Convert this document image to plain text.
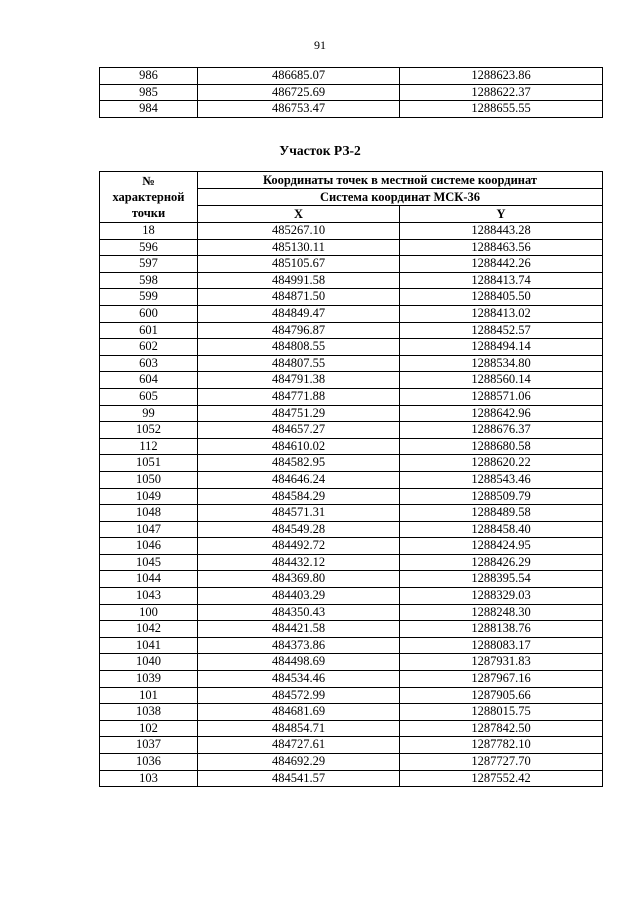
91
986	486685.07	1288623.86
985	486725.69	1288622.37
984	486753.47	1288655.55
Участок РЗ-2
№
характерной
точки	Координаты точек в местной системе координат	
	Система координат МСК-36	
	X	Y
18	485267.10	1288443.28
596	485130.11	1288463.56
597	485105.67	1288442.26
598	484991.58	1288413.74
599	484871.50	1288405.50
600	484849.47	1288413.02
601	484796.87	1288452.57
602	484808.55	1288494.14
603	484807.55	1288534.80
604	484791.38	1288560.14
605	484771.88	1288571.06
99	484751.29	1288642.96
1052	484657.27	1288676.37
112	484610.02	1288680.58
1051	484582.95	1288620.22
1050	484646.24	1288543.46
1049	484584.29	1288509.79
1048	484571.31	1288489.58
1047	484549.28	1288458.40
1046	484492.72	1288424.95
1045	484432.12	1288426.29
1044	484369.80	1288395.54
1043	484403.29	1288329.03
100	484350.43	1288248.30
1042	484421.58	1288138.76
1041	484373.86	1288083.17
1040	484498.69	1287931.83
1039	484534.46	1287967.16
101	484572.99	1287905.66
1038	484681.69	1288015.75
102	484854.71	1287842.50
1037	484727.61	1287782.10
1036	484692.29	1287727.70
103	484541.57	1287552.42
